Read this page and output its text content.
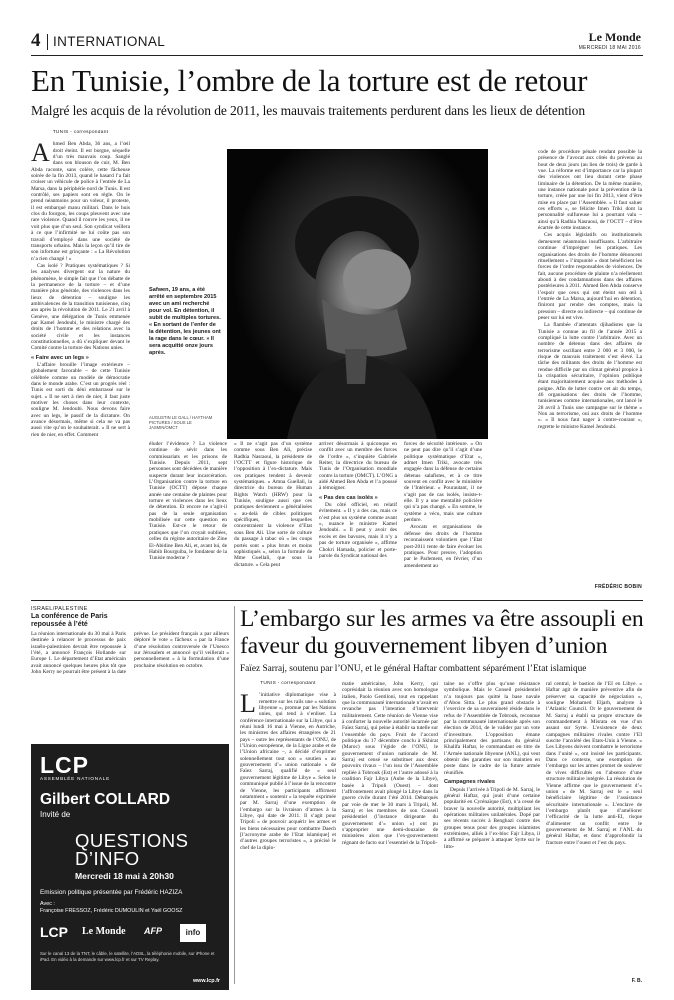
4 INTERNATIONAL	Le Monde
MERCREDI 18 MAI 2016
En Tunisie, l’ombre de la torture est de retour
Malgré les acquis de la révolution de 2011, les mauvais traitements perdurent dans les lieux de détention
TUNIS - correspondant
A hmed Ben Abda, 36 ans, a l’œil droit éteint. Il est borgne, séquelle d’un très mauvais coup. Sanglé dans son blouson de cuir, M. Ben Abda raconte, sans colère, cette fâcheuse soirée de la fin 2013, quand le hasard l’a fait croiser un véhicule de police à l’entrée de La Marsa, dans la périphérie nord de Tunis. Il est contrôlé, ses papiers sont en règle. On le prend néanmoins pour un voleur, il proteste, il est embarqué manu militari. Dans le huis clos du fourgon, les coups pleuvent avec une rare violence. Quand il rouvre les yeux, il ne voit plus que d’un seul. Son syndicat veillera à ce que l’infirmité ne lui coûte pas son travail d’employé dans une société de transports urbains. Mais la leçon qu’il tire de son infortune est grinçante : « La Révolution n’a rien changé ! »

Cas isolé ? Pratiques systématiques ? Si les analyses divergent sur la nature du phénomène, le simple fait que l’on débatte de la permanence de la torture – et d’une manière plus générale, des violences dans les lieux de détention – souligne les ambivalences de la transition tunisienne, cinq ans après la révolution de 2011. Le 21 avril à Genève, une délégation de Tunis emmenée par Kamel Jendoubi, le ministre chargé des droits de l’homme et des relations avec la société civile et les instances constitutionnelles, a dû s’expliquer devant le Comité contre la torture des Nations unies.

« Faire avec un legs »

L’affaire brouille l’image extérieure – globalement favorable – de cette Tunisie célébrée comme un modèle de démocratie dans le monde arabe. C’est un progrès réel : Tunis est sorti du déni embarrassé sur le sujet. « Il ne sert à rien de nier, il faut juste motiver les choses dans leur contexte, souligne M. Jendoubi. Nous devons faire avec un legs, le passif de la dictature. On avance désormais, même si cela ne va pas aussi vite qu’on le souhaiterait. » Il ne sert à rien de nier, en effet. Comment

Safwen, 19 ans, a été arrêté en septembre 2015 avec un ami recherché pour vol. En détention, il subit de multiples tortures. « En sortant de l’enfer de la détention, les jeunes ont la rage dans le cœur. » Il sera acquitté onze jours après.
AUGUSTIN LE GALL / HAYTHAM PICTURES / SOUS LE JASMIN/OMCT

éluder l’évidence ? La violence continue de sévir dans les commissariats et les prisons de Tunisie. Depuis 2011, sept personnes sont décédées de manière suspecte durant leur incarcération. L’Organisation contre la torture en Tunisie (OCTT) dépose chaque année une centaine de plaintes pour torture et violences dans les lieux de détention. Et encore ne s’agit-il pas de la seule organisation mobilisée sur cette question en Tunisie. Est-ce le retour de pratiques que l’on croyait oubliées, celles du régime autoritaire de Zine El-Abidine Ben Ali, et, avant lui, de Habib Bourguiba, le fondateur de la Tunisie moderne ?

« Il ne s’agit pas d’un système comme sous Ben Ali, précise Radhia Nasraoui, la présidente de l’OCTT et figure historique de l’opposition à l’ex-dictature. Mais ces pratiques tendent à devenir systématiques. » Amna Guellali, la directrice du bureau de Human Rights Watch (HRW) pour la Tunisie, souligne aussi que ces pratiques deviennent « généralisées » au-delà de cibles politiques spécifiques, lesquelles concentraient la violence d’Etat sous Ben Ali. Une sorte de culture du passage à tabac où « les coups portés sont « plus bruts et moins sophistiqués », selon la formule de Mme Guellali, que sous la dictature. « Cela peut

arriver désormais à quiconque en conflit avec un membre des forces de l’ordre », s’inquiète Gabriele Reiter, la directrice du bureau de Tunis de l’Organisation mondiale contre la torture (OMCT). L’ONG a aidé Ahmed Ben Abda et l’a poussé à témoigner.

« Pas des cas isolés »

Du côté officiel, en relatif évitement. « Il y a des cas, mais ce n’est plus un système comme avant », nuance le ministre Kamel Jendoubi. « Il peut y avoir des excès et des bavures, mais il n’y a pas de torture organisée », affirme Chokri Hamada, policier et porte-parole du Syndicat national des

forces de sécurité intérieure. « On ne peut pas dire qu’il s’agit d’une politique systématique d’Etat », admet Imen Triki, avocate très engagée dans la défense de certains détenus salafistes, et à ce titre souvent en conflit avec le ministère de l’Intérieur. « Pourautant, il ne s’agit pas de cas isolés, insiste-t-elle. Il y a une mentalité policière qui n’a pas changé. » En somme, le système a vécu, mais une culture perdure.

Avocats et organisations de défense des droits de l’homme reconnaissent volontiers que l’Etat post-2011 tente de faire évoluer les pratiques. Pour preuve, l’adoption par le Parlement, en février, d’un amendement au

code de procédure pénale rendant possible la présence de l’avocat aux côtés du prévenu au bout de deux jours (au lieu de trois) de garde à vue. La réforme est d’importance car la plupart des violences ont lieu durant cette phase liminaire de la détention. De la même manière, une instance nationale pour la prévention de la torture, créée par une loi fin 2013, vient d’être mise en place par l’Assemblée. « Il faut saluer ces efforts », se félicite Imen Triki dont la personnalité sulfureuse lui a pourtant valu – ainsi qu’à Radhia Nasraoui, de l’OCTT – d’être écartée de cette instance.

Ces acquis législatifs ou institutionnels demeurent néanmoins insuffisants. L’arbitraire continue d’imprégner les pratiques. Les organisations des droits de l’homme dénoncent rituellement « l’impunité » dont bénéficient les forces de l’ordre responsables de violences. De fait, aucune procédure de plainte n’a réellement abouti à des condamnations dans des affaires postérieures à 2011. Ahmed Ben Abda conserve l’espoir que ceux qui ont éteint son œil à l’entrée de La Marsa, aujourd’hui en détention, finiront par rendre des comptes, mais la pression – directe ou indirecte – qui continue de peser sur lui est vive.

La flambée d’attentats djihadistes que la Tunisie a connue au fil de l’année 2015 a compliqué la lutte contre l’arbitraire. Avec un nombre de détenus dans des affaires de terrorisme oscillant entre 2 000 et 3 000, le risque de mauvais traitement s’est élevé. La tâche des militants des droits de l’homme est rendue difficile par un climat général propice à la crispation sécuritaire, l’opinion publique étant majoritairement acquise aux méthodes à poigne. Afin de lutter contre cet air du temps, 46 organisations des droits de l’homme, tunisiennes comme internationales, ont lancé le 28 avril à Tunis une campagne sur le thème « Non au terrorisme, oui aux droits de l’homme ». « Il nous faut nager à contre-courant », regrette le ministre Kamel Jendoubi.

FRÉDÉRIC BOBIN
ISRAËL/PALESTINE
La conférence de Paris repoussée à l’été
La réunion internationale du 30 mai à Paris destinée à relancer le processus de paix israélo-palestinien devrait être repoussée à l’été, a annoncé François Hollande sur Europe 1. Le département d’Etat américain avait annoncé quelques heures plus tôt que John Kerry ne pourrait être présent à la date prévue. Le président français a par ailleurs déploré le vote « fâcheux » par la France d’une résolution controversée de l’Unesco sur Jérusalem et annoncé qu’il veillerait « personnellement » à la formulation d’une prochaine résolution en octobre.
L’embargo sur les armes va être assoupli en faveur du gouvernement libyen d’union
Faïez Sarraj, soutenu par l’ONU, et le général Haftar combattent séparément l’Etat islamique
LCP
ASSEMBLÉE NATIONALE
Gilbert COLLARD
Invité de
QUESTIONS
D’INFO
Mercredi 18 mai à 20h30
Emission politique présentée par Frédéric HAZIZA
Avec :
Françoise FRESSOZ, Frédéric DUMOULIN et Yaël GOOSZ
LCP Le Monde AFP	info
Sur le canal 13 de la TNT, le câble, le satellite, l’ADSL, la téléphonie mobile, sur iPhone et iPad. En vidéo à la demande sur www.lcp.fr et sur TV Replay.
www.lcp.fr
TUNIS - correspondant
L ’initiative diplomatique vise à remettre sur les rails une « solution libyenne », promue par les Nations unies, qui tend à s’enliser. La conférence internationale sur la Libye, qui a réuni lundi 16 mai à Vienne, en Autriche, les ministres des affaires étrangères de 21 pays – outre les représentants de l’ONU, de l’Union européenne, de la Ligue arabe et de l’Union africaine –, a décidé d’exprimer solennellement tout son « soutien » au gouvernement d’« union nationale » de Faïez Sarraj, qualifié de « seul gouvernement légitime de Libye ». Selon le communiqué publié à l’issue de la rencontre de Vienne, les participants affirment notamment « soutenir » la requête exprimée par M. Sarraj d’une exemption de l’embargo sur la livraison d’armes à la Libye, qui date de 2011. Il s’agit pour Tripoli « de pouvoir acquérir les armes et les biens nécessaires pour combattre Daech [l’acronyme arabe de l’Etat islamique] et d’autres groupes terroristes », a précisé le chef de la diplo-

matie américaine, John Kerry, qui coprésidait la réunion avec son homologue italien, Paolo Gentiloni, tout en rappelant que la communauté internationale n’avait en revanche pas l’intention d’intervenir militairement. Cette réunion de Vienne vise à conforter la nouvelle autorité incarnée par Faïez Sarraj, qui peine à établir sa tutelle sur l’ensemble du pays. Fruit de l’accord politique du 17 décembre conclu à Skhirat (Maroc) sous l’égide de l’ONU, le gouvernement d’union nationale de M. Sarraj est censé se substituer aux deux pouvoirs rivaux – l’un issu de l’Assemblée repliée à Tobrouk (Est) et l’autre adossé à la coalition Fajr Libya (Aube de la Libye), basée à Tripoli (Ouest) – dont l’affrontement avait plongé la Libye dans la guerre civile durant l’été 2014. Débarqués par voie de mer le 30 mars à Tripoli, M. Sarraj et les membres de son Conseil présidentiel (l’instance dirigeante du gouvernement d’« union ») ont pu s’approprier une demi-douzaine de ministères alors que l’ex-gouvernement régnant de facto sur l’essentiel de la Tripoli-

taine ne s’offre plus qu’une résistance symbolique. Mais le Conseil présidentiel n’a toujours pas quitté la base navale d’Abou Sitta. Le plus grand obstacle à l’exercice de sa souveraineté réside dans le refus de l’Assemblée de Tobrouk, reconnue par la communauté internationale après son élection de 2014, de le valider par un vote d’investiture. L’opposition émane principalement des partisans du général Khalifa Haftar, le commandant en titre de l’Armée nationale libyenne (ANL), qui veut obtenir des garanties sur son maintien en poste dans le cadre de la future armée réunifiée.

Campagnes rivales

Depuis l’arrivée à Tripoli de M. Sarraj, le général Haftar, qui jouit d’une certaine popularité en Cyrénaïque (Est), n’a cessé de braver la nouvelle autorité, multipliant les opérations militaires unilatérales. Dopé par ses récents succès à Benghazi contre des groupes tenus pour des groupes islamistes extrémistes, alliés à l’ex-bloc Fajr Libya, il a affirmé se préparer à attaquer Syrte sur le litto-

ral central, le bastion de l’EI en Libye. « Haftar agit de manière préventive afin de préserver sa capacité de négociation », souligne Mohamed Eljarh, analyste à l’Atlantic Council. Or le gouvernement de M. Sarraj a établi sa propre structure de commandement à Misrata en vue d’un assaut sur Syrte. L’existence de deux campagnes militaires rivales contre l’EI suscite l’anxiété des Etats-Unis à Vienne. « Les Libyens doivent combattre le terrorisme dans l’unité », ont insisté les participants. Dans ce contexte, une exemption de l’embargo sur les armes promet de soulever de vives difficultés en l’absence d’une structure militaire intégrée. La résolution de Vienne affirme que le gouvernement d’« union » de M. Sarraj est le « seul bénéficiaire légitime de l’assistance sécuritaire internationale ». L’enclave de l’embargo plutôt que d’améliorer l’efficacité de la lutte anti-EI, risque d’alimenter un conflit entre le gouvernement de M. Sarraj et l’ANL du général Haftar, et donc d’approfondir la fracture entre l’ouest et l’est du pays.

F. B.
